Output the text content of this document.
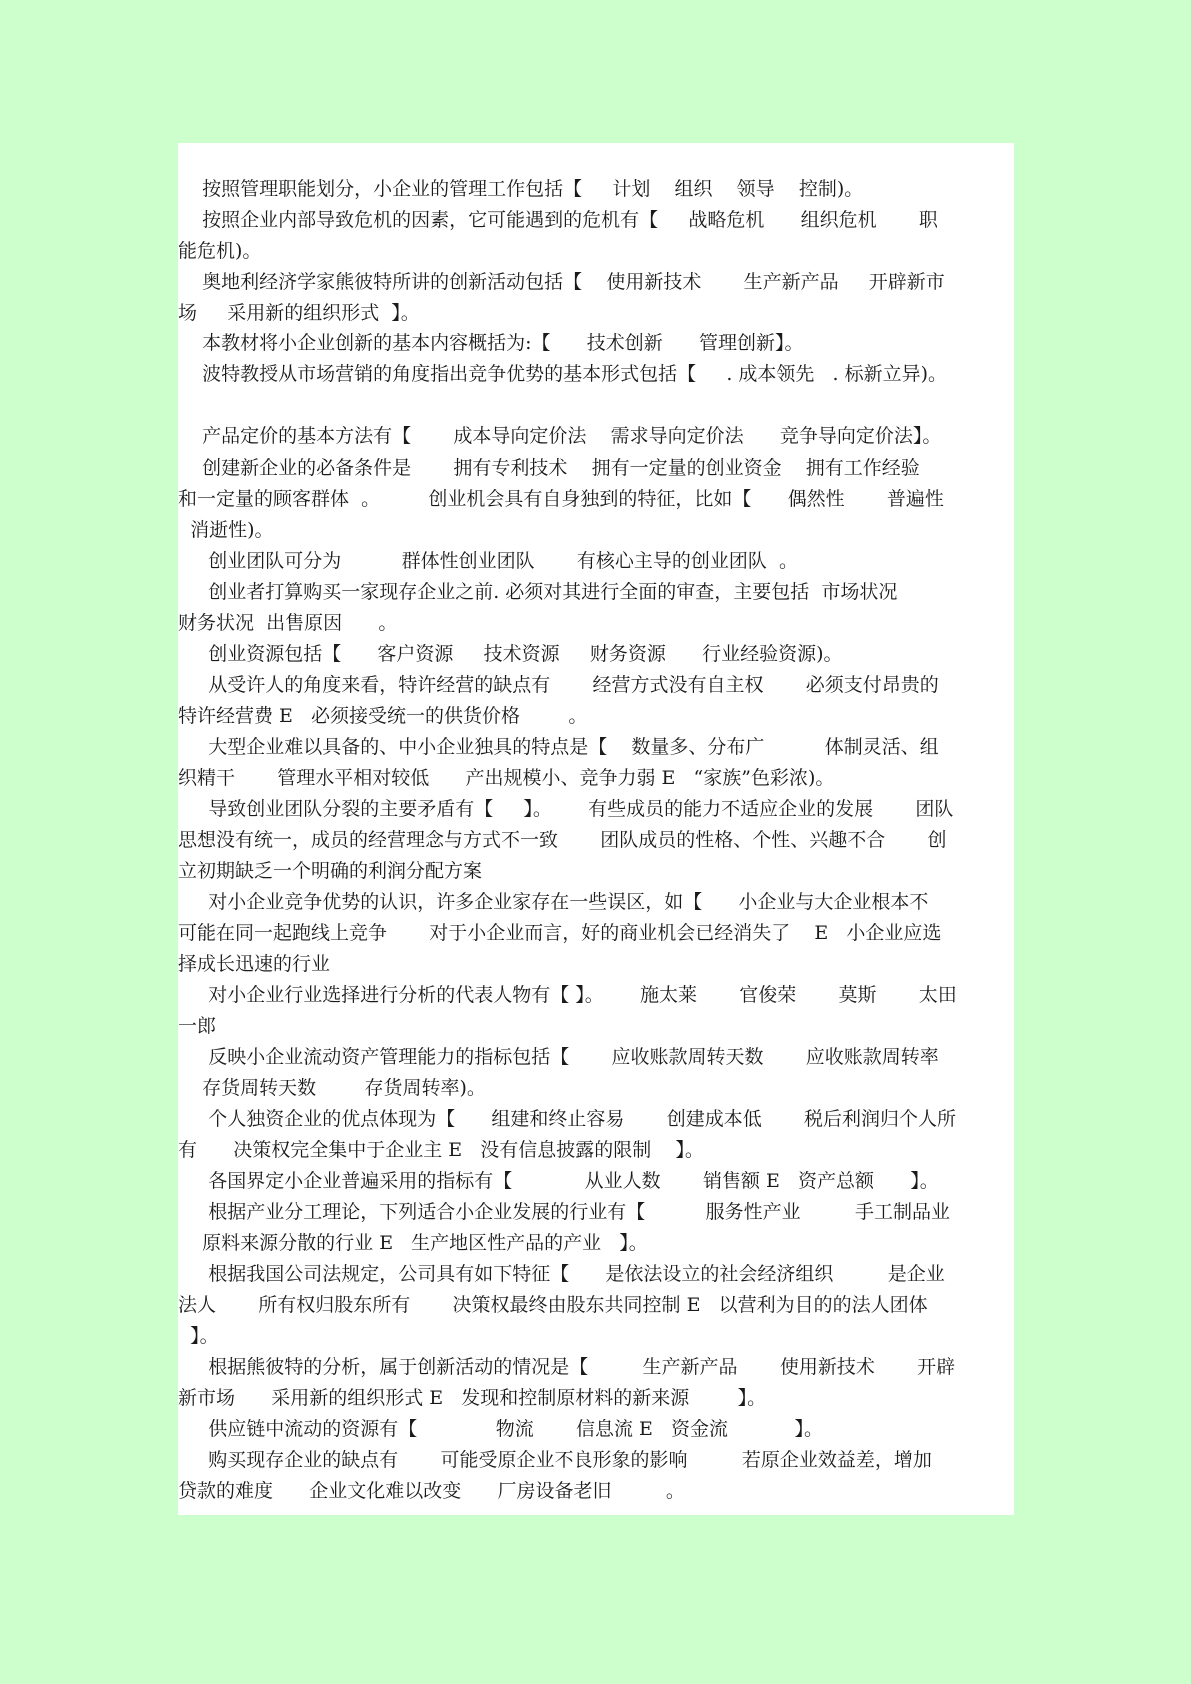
按照管理职能划分，小企业的管理工作包括【     计划    组织    领导    控制)。
按照企业内部导致危机的因素，它可能遇到的危机有【     战略危机      组织危机       职
能危机)。
奥地利经济学家熊彼特所讲的创新活动包括【    使用新技术       生产新产品     开辟新市
场     采用新的组织形式  】。
本教材将小企业创新的基本内容概括为:【      技术创新      管理创新】。
波特教授从市场营销的角度指出竞争优势的基本形式包括【     . 成本领先   . 标新立异)。
产品定价的基本方法有【       成本导向定价法    需求导向定价法      竞争导向定价法】。
创建新企业的必备条件是       拥有专利技术    拥有一定量的创业资金    拥有工作经验
和一定量的顾客群体  。        创业机会具有自身独到的特征，比如【      偶然性       普遍性
消逝性)。
创业团队可分为          群体性创业团队       有核心主导的创业团队  。
创业者打算购买一家现存企业之前. 必须对其进行全面的审查，主要包括  市场状况
财务状况  出售原因      。
创业资源包括【      客户资源     技术资源     财务资源      行业经验资源)。
从受许人的角度来看，特许经营的缺点有       经营方式没有自主权       必须支付昂贵的
特许经营费 E   必须接受统一的供货价格        。
大型企业难以具备的、中小企业独具的特点是【    数量多、分布广          体制灵活、组
织精干       管理水平相对较低      产出规模小、竞争力弱 E   “家族”色彩浓)。
导致创业团队分裂的主要矛盾有【     】。      有些成员的能力不适应企业的发展       团队
思想没有统一，成员的经营理念与方式不一致       团队成员的性格、个性、兴趣不合       创
立初期缺乏一个明确的利润分配方案
对小企业竞争优势的认识，许多企业家存在一些误区，如【      小企业与大企业根本不
可能在同一起跑线上竞争       对于小企业而言，好的商业机会已经消失了    E   小企业应选
择成长迅速的行业
对小企业行业选择进行分析的代表人物有【 】。      施太莱       官俊荣       莫斯       太田
一郎
反映小企业流动资产管理能力的指标包括【       应收账款周转天数       应收账款周转率
存货周转天数        存货周转率)。
个人独资企业的优点体现为【      组建和终止容易       创建成本低       税后利润归个人所
有      决策权完全集中于企业主 E   没有信息披露的限制    】。
各国界定小企业普遍采用的指标有【            从业人数       销售额 E   资产总额      】。
根据产业分工理论，下列适合小企业发展的行业有【          服务性产业         手工制品业
原料来源分散的行业 E   生产地区性产品的产业   】。
根据我国公司法规定，公司具有如下特征【      是依法设立的社会经济组织         是企业
法人       所有权归股东所有       决策权最终由股东共同控制 E   以营利为目的的法人团体
】。
根据熊彼特的分析，属于创新活动的情况是【         生产新产品       使用新技术       开辟
新市场      采用新的组织形式 E   发现和控制原材料的新来源        】。
供应链中流动的资源有【             物流       信息流 E   资金流           】。
购买现存企业的缺点有       可能受原企业不良形象的影响         若原企业效益差，增加
贷款的难度      企业文化难以改变      厂房设备老旧         。
